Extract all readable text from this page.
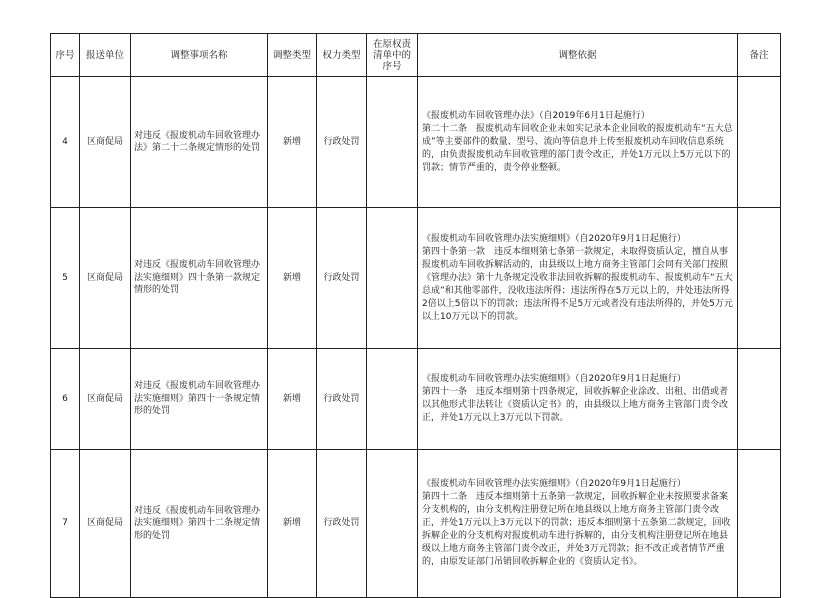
序号	报送单位	调整事项名称	调整类型	权力类型	在原权责清单中的序号	调整依据	备注
4	区商促局	对违反《报废机动车回收管理办法》第二十二条规定情形的处罚	新增	行政处罚		《报废机动车回收管理办法》（自2019年6月1日起施行）
第二十二条　报废机动车回收企业未如实记录本企业回收的报废机动车“五大总成”等主要部件的数量、型号、流向等信息并上传至报废机动车回收信息系统的，由负责报废机动车回收管理的部门责令改正，并处1万元以上5万元以下的罚款；情节严重的，责令停业整顿。	

5	区商促局	对违反《报废机动车回收管理办法实施细则》四十条第一款规定情形的处罚	新增	行政处罚		《报废机动车回收管理办法实施细则》（自2020年9月1日起施行）
第四十条第一款　违反本细则第七条第一款规定，未取得资质认定，擅自从事报废机动车回收拆解活动的，由县级以上地方商务主管部门会同有关部门按照《管理办法》第十九条规定没收非法回收拆解的报废机动车、报废机动车“五大总成”和其他零部件，没收违法所得；违法所得在5万元以上的，并处违法所得2倍以上5倍以下的罚款；违法所得不足5万元或者没有违法所得的，并处5万元以上10万元以下的罚款。	

6	区商促局	对违反《报废机动车回收管理办法实施细则》第四十一条规定情形的处罚	新增	行政处罚		《报废机动车回收管理办法实施细则》（自2020年9月1日起施行）
第四十一条　违反本细则第十四条规定，回收拆解企业涂改、出租、出借或者以其他形式非法转让《资质认定书》的，由县级以上地方商务主管部门责令改正，并处1万元以上3万元以下罚款。	

7	区商促局	对违反《报废机动车回收管理办法实施细则》第四十二条规定情形的处罚	新增	行政处罚		《报废机动车回收管理办法实施细则》（自2020年9月1日起施行）
第四十二条　违反本细则第十五条第一款规定，回收拆解企业未按照要求备案分支机构的，由分支机构注册登记所在地县级以上地方商务主管部门责令改正，并处1万元以上3万元以下的罚款；违反本细则第十五条第二款规定，回收拆解企业的分支机构对报废机动车进行拆解的，由分支机构注册登记所在地县级以上地方商务主管部门责令改正，并处3万元罚款；拒不改正或者情节严重的，由原发证部门吊销回收拆解企业的《资质认定书》。	
